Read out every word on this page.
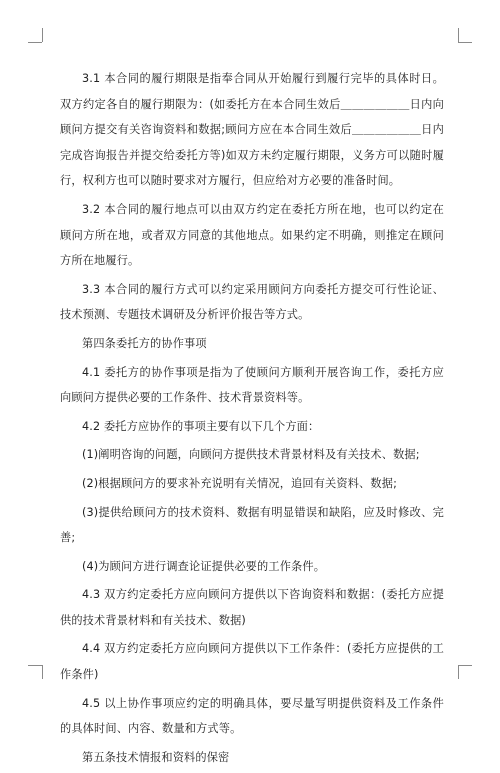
3.1 本合同的履行期限是指奉合同从开始履行到履行完毕的具体时日。双方约定各自的履行期限为：(如委托方在本合同生效后＿＿＿＿＿＿日内向顾问方提交有关咨询资料和数据;顾问方应在本合同生效后＿＿＿＿＿＿日内完成咨询报告并提交给委托方等)如双方未约定履行期限，义务方可以随时履行，权利方也可以随时要求对方履行，但应给对方必要的准备时间。

3.2 本合同的履行地点可以由双方约定在委托方所在地，也可以约定在顾问方所在地，或者双方同意的其他地点。如果约定不明确，则推定在顾问方所在地履行。

3.3 本合同的履行方式可以约定采用顾问方向委托方提交可行性论证、技术预测、专题技术调研及分析评价报告等方式。

第四条委托方的协作事项

4.1 委托方的协作事项是指为了使顾问方顺利开展咨询工作，委托方应向顾问方提供必要的工作条件、技术背景资料等。

4.2 委托方应协作的事项主要有以下几个方面：

(1)阐明咨询的问题，向顾问方提供技术背景材料及有关技术、数据;

(2)根据顾问方的要求补充说明有关情况，追回有关资料、数据;

(3)提供给顾问方的技术资料、数据有明显错误和缺陷，应及时修改、完善;

(4)为顾问方进行调查论证提供必要的工作条件。

4.3 双方约定委托方应向顾问方提供以下咨询资料和数据：(委托方应提供的技术背景材料和有关技术、数据)

4.4 双方约定委托方应向顾问方提供以下工作条件：(委托方应提供的工作条件)

4.5 以上协作事项应约定的明确具体，要尽量写明提供资料及工作条件的具体时间、内容、数量和方式等。

第五条技术情报和资料的保密
